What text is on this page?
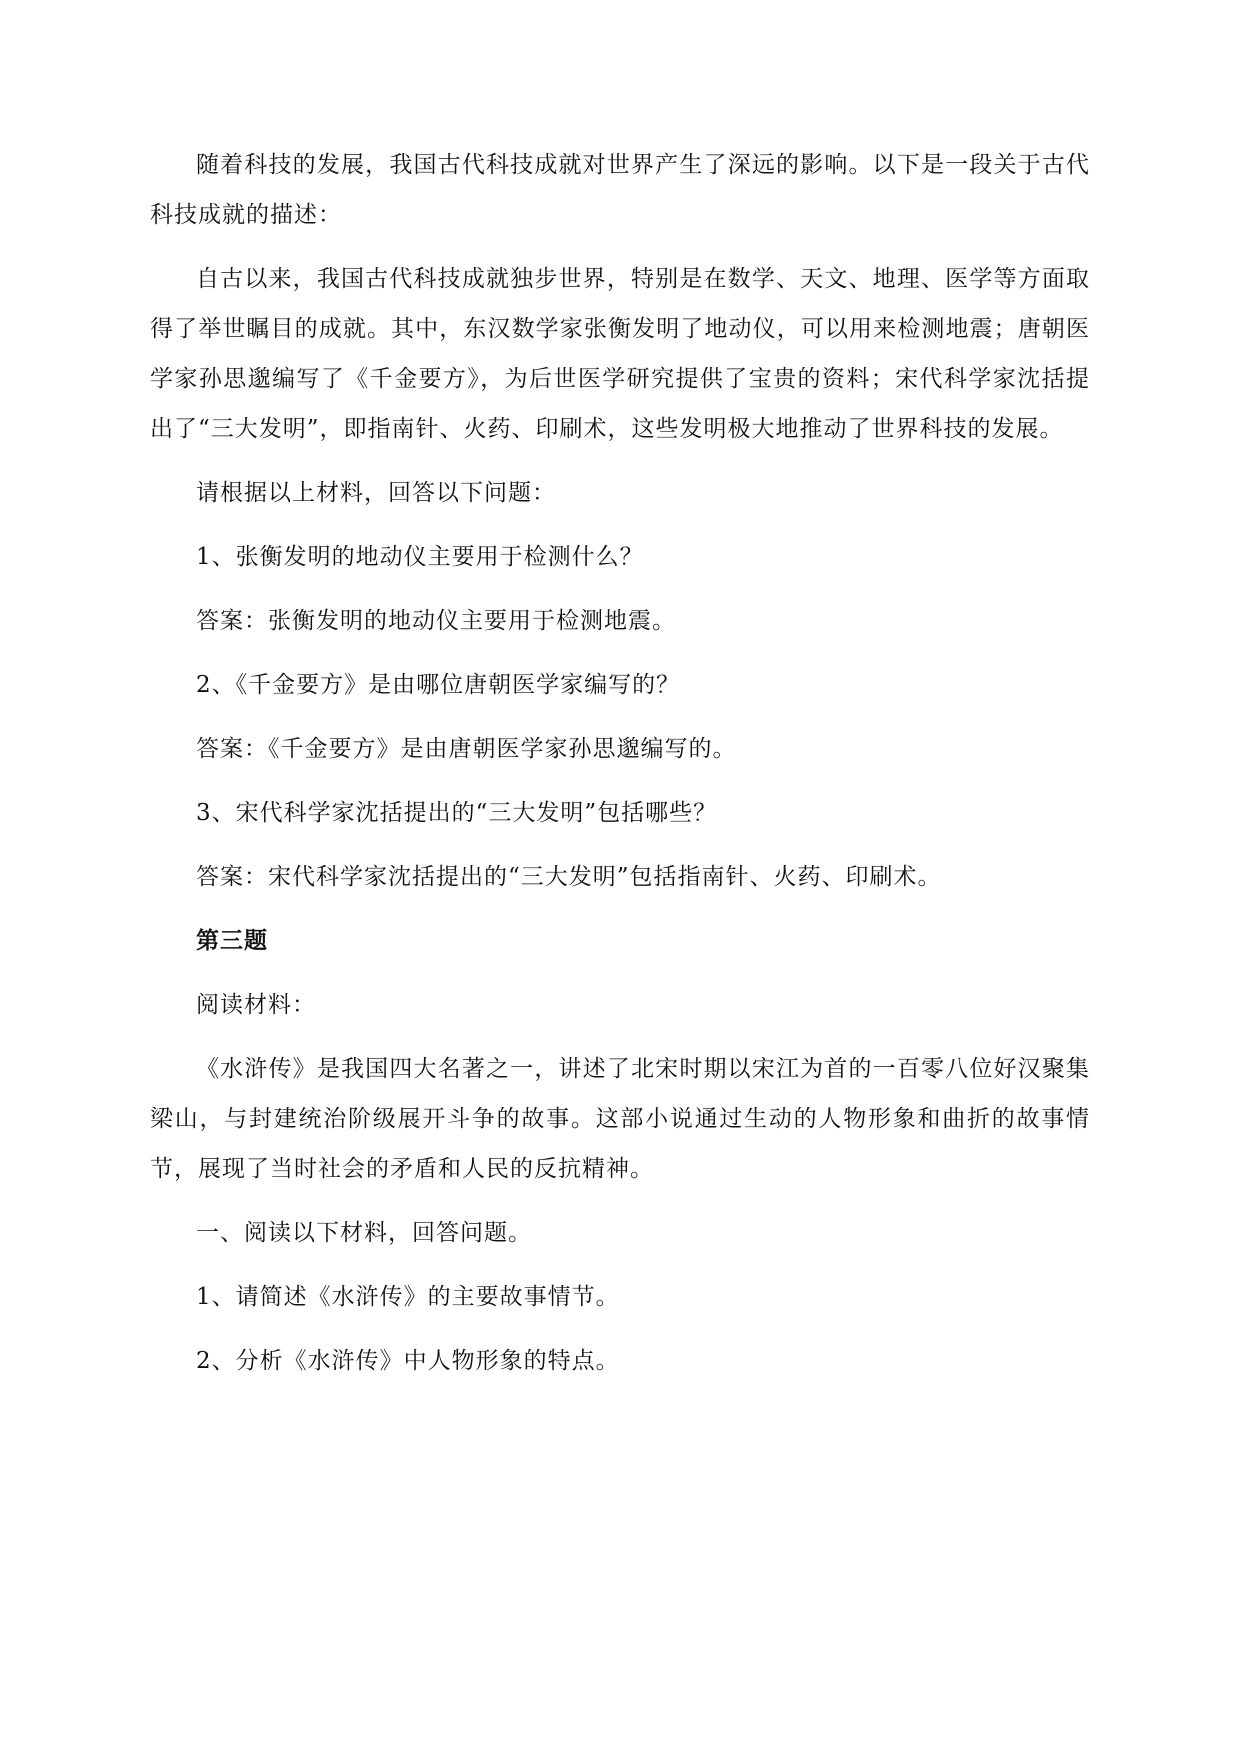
随着科技的发展，我国古代科技成就对世界产生了深远的影响。以下是一段关于古代科技成就的描述：

自古以来，我国古代科技成就独步世界，特别是在数学、天文、地理、医学等方面取得了举世瞩目的成就。其中，东汉数学家张衡发明了地动仪，可以用来检测地震；唐朝医学家孙思邈编写了《千金要方》，为后世医学研究提供了宝贵的资料；宋代科学家沈括提出了“三大发明”，即指南针、火药、印刷术，这些发明极大地推动了世界科技的发展。

请根据以上材料，回答以下问题：

1、张衡发明的地动仪主要用于检测什么？

答案：张衡发明的地动仪主要用于检测地震。

2、《千金要方》是由哪位唐朝医学家编写的？

答案：《千金要方》是由唐朝医学家孙思邈编写的。

3、宋代科学家沈括提出的“三大发明”包括哪些？

答案：宋代科学家沈括提出的“三大发明”包括指南针、火药、印刷术。

第三题

阅读材料：

《水浒传》是我国四大名著之一，讲述了北宋时期以宋江为首的一百零八位好汉聚集梁山，与封建统治阶级展开斗争的故事。这部小说通过生动的人物形象和曲折的故事情节，展现了当时社会的矛盾和人民的反抗精神。

一、阅读以下材料，回答问题。

1、请简述《水浒传》的主要故事情节。

2、分析《水浒传》中人物形象的特点。
